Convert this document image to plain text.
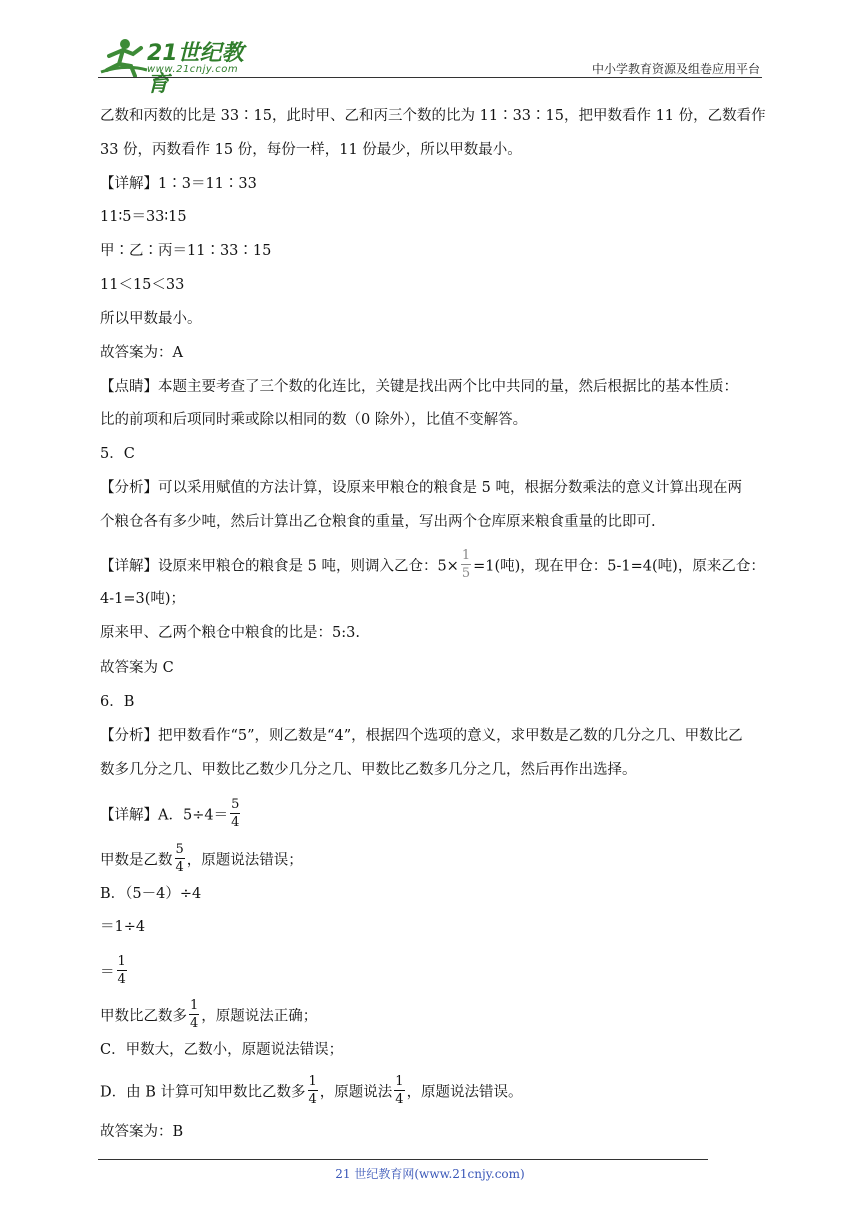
21世纪教育
www.21cnjy.com	中小学教育资源及组卷应用平台
乙数和丙数的比是 33∶15，此时甲、乙和丙三个数的比为 11∶33∶15，把甲数看作 11 份，乙数看作
33 份，丙数看作 15 份，每份一样，11 份最少，所以甲数最小。
【详解】1∶3＝11∶33
11∶5＝33∶15
甲∶乙∶丙＝11∶33∶15
11＜15＜33
所以甲数最小。
故答案为：A
【点睛】本题主要考查了三个数的化连比，关键是找出两个比中共同的量，然后根据比的基本性质：
比的前项和后项同时乘或除以相同的数（0 除外），比值不变解答。
5．C
【分析】可以采用赋值的方法计算，设原来甲粮仓的粮食是 5 吨，根据分数乘法的意义计算出现在两
个粮仓各有多少吨，然后计算出乙仓粮食的重量，写出两个仓库原来粮食重量的比即可.
【详解】设原来甲粮仓的粮食是 5 吨，则调入乙仓：$5\times \frac{1}{5} =1$(吨)，现在甲仓：5-1=4(吨)，原来乙仓：
4-1=3(吨)；
原来甲、乙两个粮仓中粮食的比是：5:3.
故答案为 C
6．B
【分析】把甲数看作“5”，则乙数是“4”，根据四个选项的意义，求甲数是乙数的几分之几、甲数比乙
数多几分之几、甲数比乙数少几分之几、甲数比乙数多几分之几，然后再作出选择。
【详解】A．$5\div 4= \frac{5}{4}$
甲数是乙数 $\frac{5}{4}$ ，原题说法错误；
B．（5－4）÷4
＝1÷4
＝ $\frac{1}{4}$
甲数比乙数多 $\frac{1}{4}$ ，原题说法正确；
C．甲数大，乙数小，原题说法错误；
D．由 B 计算可知甲数比乙数多 $\frac{1}{4}$ ，原题说法 $\frac{1}{4}$ ，原题说法错误。
故答案为：B
21 世纪教育网(www.21cnjy.com)
